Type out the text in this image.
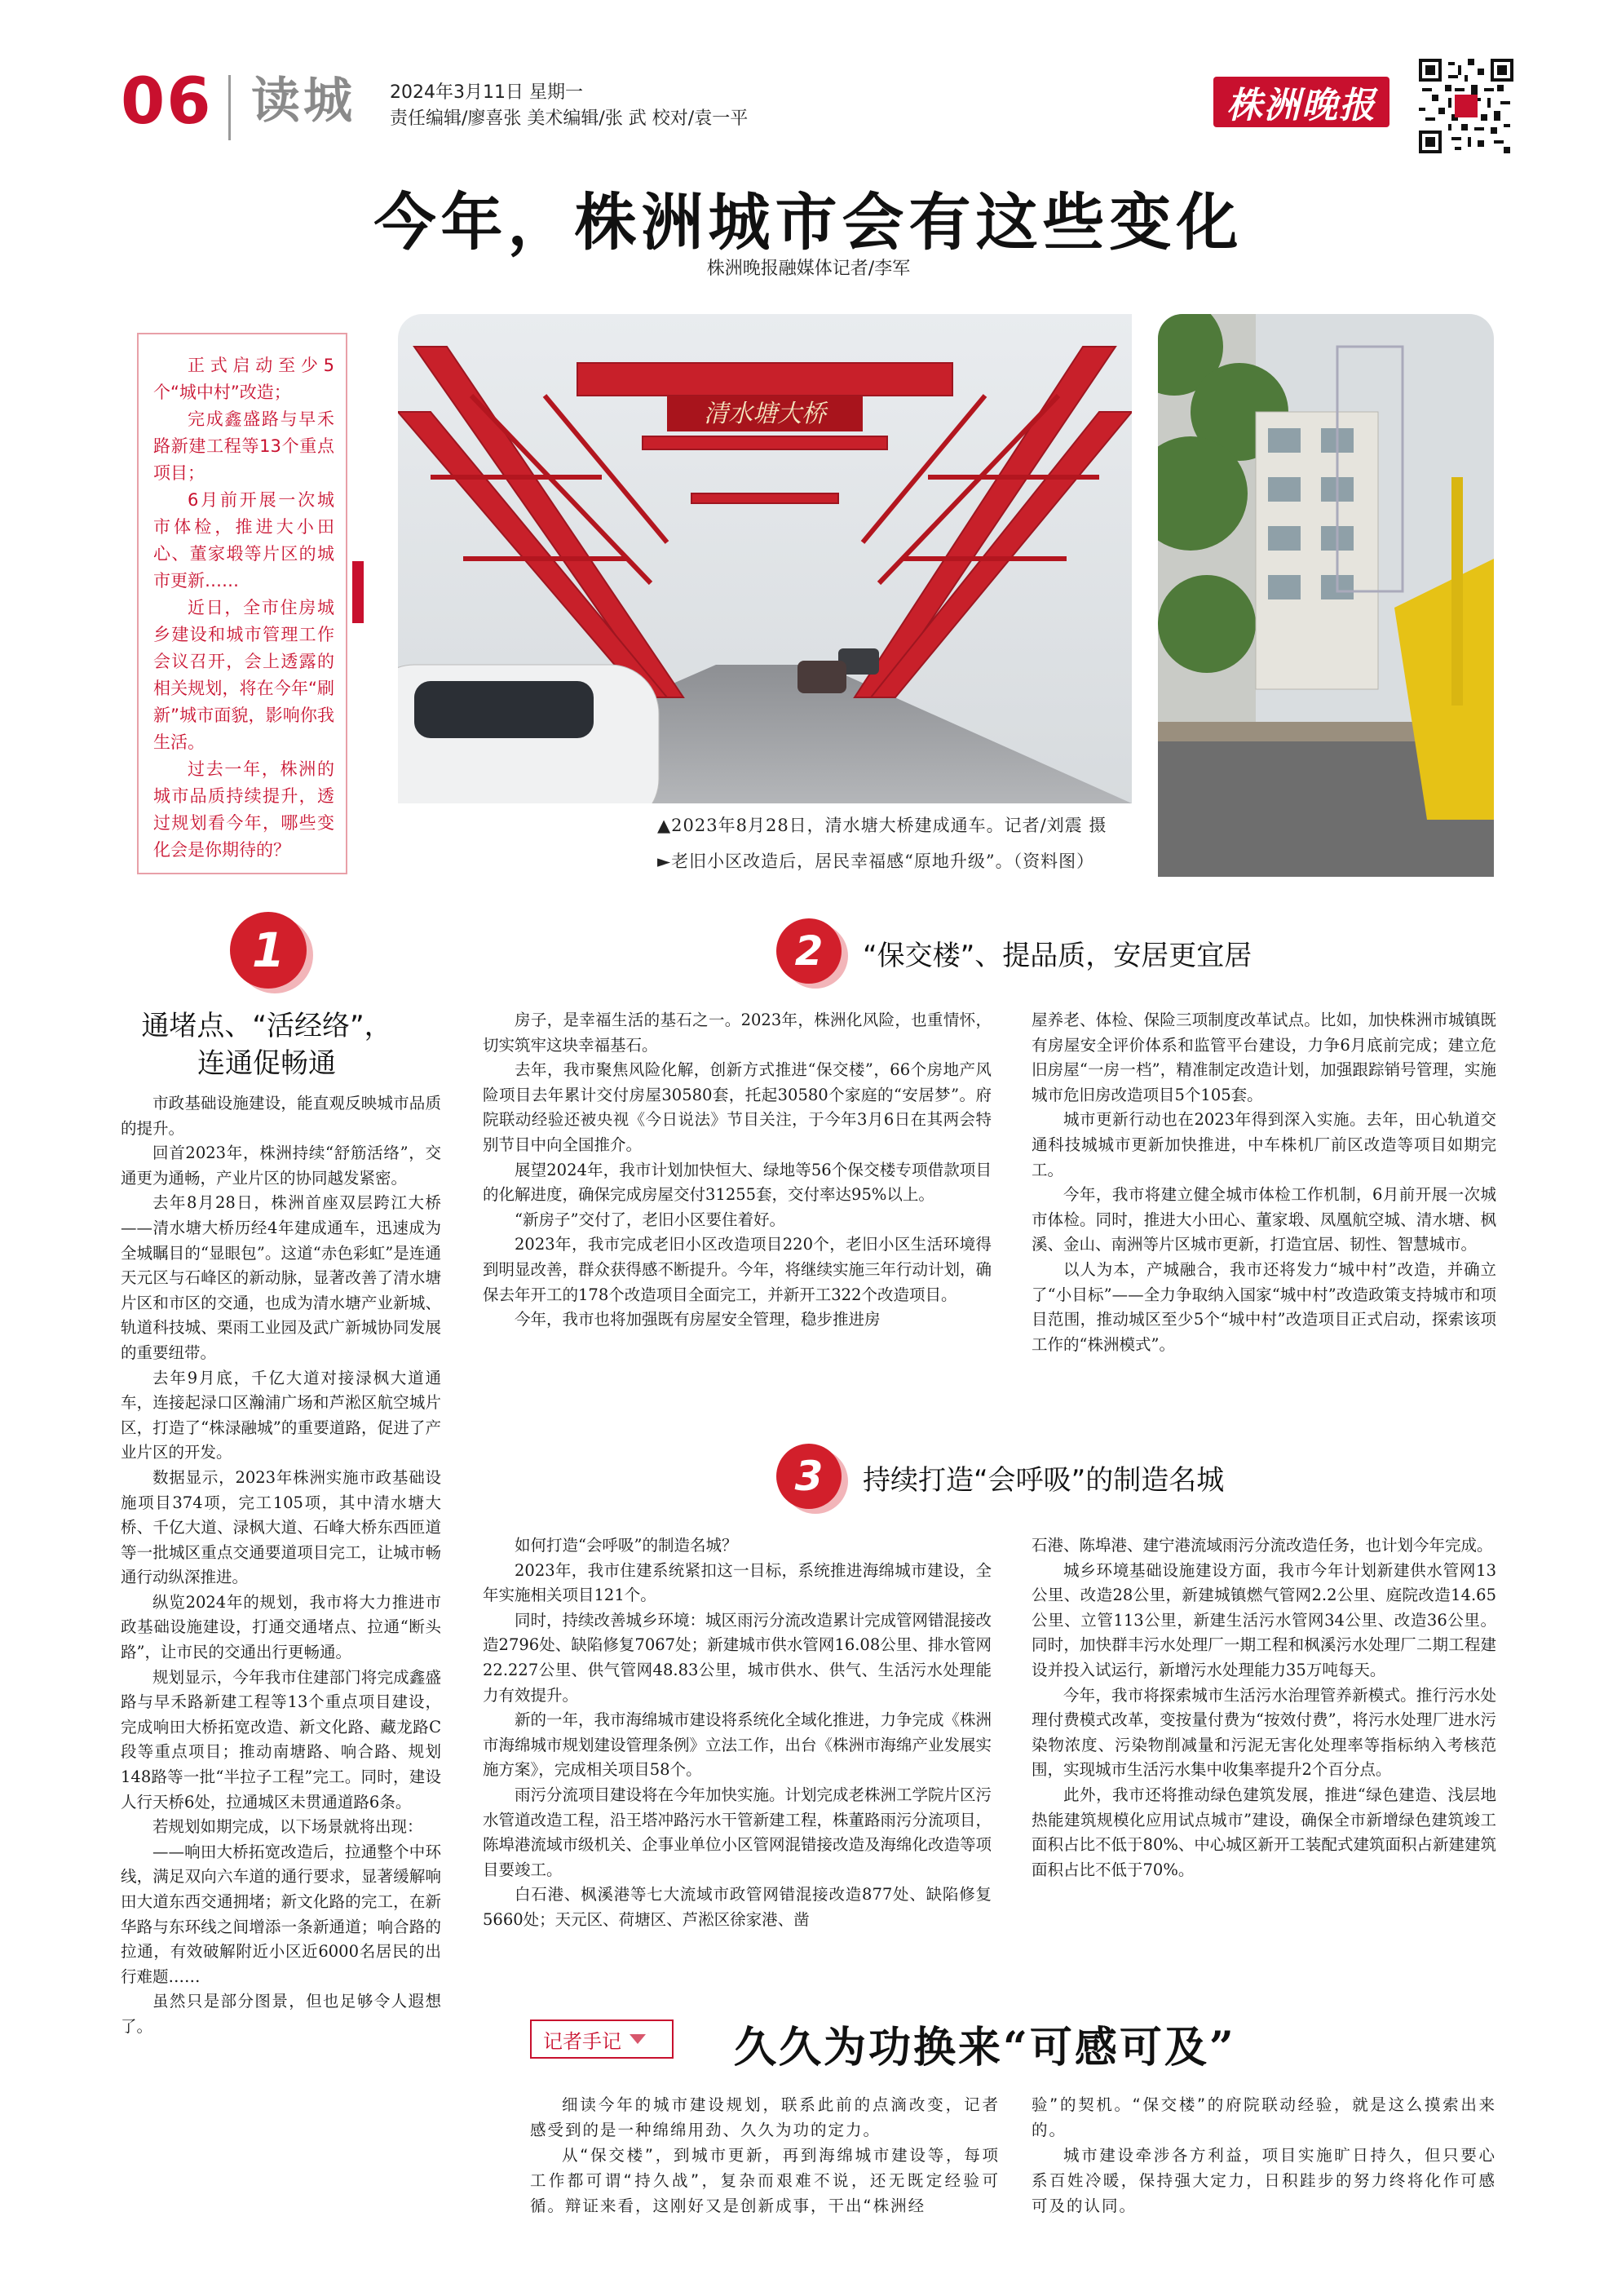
06 读城 2024年3月11日 星期一
责任编辑/廖喜张 美术编辑/张 武 校对/袁一平	株洲晚报
今年，株洲城市会有这些变化
株洲晚报融媒体记者/李军

正式启动至少5个“城中村”改造；

完成鑫盛路与早禾路新建工程等13个重点项目；

6月前开展一次城市体检，推进大小田心、董家塅等片区的城市更新……

近日，全市住房城乡建设和城市管理工作会议召开，会上透露的相关规划，将在今年“刷新”城市面貌，影响你我生活。

过去一年，株洲的城市品质持续提升，透过规划看今年，哪些变化会是你期待的？

清水塘大桥
▲2023年8月28日，清水塘大桥建成通车。记者/刘震 摄
►老旧小区改造后，居民幸福感“原地升级”。（资料图）
1
通堵点、“活经络”，
连通促畅通

市政基础设施建设，能直观反映城市品质的提升。

回首2023年，株洲持续“舒筋活络”，交通更为通畅，产业片区的协同越发紧密。

去年8月28日，株洲首座双层跨江大桥——清水塘大桥历经4年建成通车，迅速成为全城瞩目的“显眼包”。这道“赤色彩虹”是连通天元区与石峰区的新动脉，显著改善了清水塘片区和市区的交通，也成为清水塘产业新城、轨道科技城、栗雨工业园及武广新城协同发展的重要纽带。

去年9月底，千亿大道对接渌枫大道通车，连接起渌口区瀚浦广场和芦淞区航空城片区，打造了“株渌融城”的重要道路，促进了产业片区的开发。

数据显示，2023年株洲实施市政基础设施项目374项，完工105项，其中清水塘大桥、千亿大道、渌枫大道、石峰大桥东西匝道等一批城区重点交通要道项目完工，让城市畅通行动纵深推进。

纵览2024年的规划，我市将大力推进市政基础设施建设，打通交通堵点、拉通“断头路”，让市民的交通出行更畅通。

规划显示，今年我市住建部门将完成鑫盛路与早禾路新建工程等13个重点项目建设，完成响田大桥拓宽改造、新文化路、藏龙路C段等重点项目；推动南塘路、响合路、规划148路等一批“半拉子工程”完工。同时，建设人行天桥6处，拉通城区未贯通道路6条。

若规划如期完成，以下场景就将出现：

——响田大桥拓宽改造后，拉通整个中环线，满足双向六车道的通行要求，显著缓解响田大道东西交通拥堵；新文化路的完工，在新华路与东环线之间增添一条新通道；响合路的拉通，有效破解附近小区近6000名居民的出行难题……

虽然只是部分图景，但也足够令人遐想了。

2 “保交楼”、提品质，安居更宜居

房子，是幸福生活的基石之一。2023年，株洲化风险，也重情怀，切实筑牢这块幸福基石。

去年，我市聚焦风险化解，创新方式推进“保交楼”，66个房地产风险项目去年累计交付房屋30580套，托起30580个家庭的“安居梦”。府院联动经验还被央视《今日说法》节目关注，于今年3月6日在其两会特别节目中向全国推介。

展望2024年，我市计划加快恒大、绿地等56个保交楼专项借款项目的化解进度，确保完成房屋交付31255套，交付率达95%以上。

“新房子”交付了，老旧小区要住着好。

2023年，我市完成老旧小区改造项目220个，老旧小区生活环境得到明显改善，群众获得感不断提升。今年，将继续实施三年行动计划，确保去年开工的178个改造项目全面完工，并新开工322个改造项目。

今年，我市也将加强既有房屋安全管理，稳步推进房

屋养老、体检、保险三项制度改革试点。比如，加快株洲市城镇既有房屋安全评价体系和监管平台建设，力争6月底前完成；建立危旧房屋“一房一档”，精准制定改造计划，加强跟踪销号管理，实施城市危旧房改造项目5个105套。

城市更新行动也在2023年得到深入实施。去年，田心轨道交通科技城城市更新加快推进，中车株机厂前区改造等项目如期完工。

今年，我市将建立健全城市体检工作机制，6月前开展一次城市体检。同时，推进大小田心、董家塅、凤凰航空城、清水塘、枫溪、金山、南洲等片区城市更新，打造宜居、韧性、智慧城市。

以人为本，产城融合，我市还将发力“城中村”改造，并确立了“小目标”——全力争取纳入国家“城中村”改造政策支持城市和项目范围，推动城区至少5个“城中村”改造项目正式启动，探索该项工作的“株洲模式”。

3 持续打造“会呼吸”的制造名城

如何打造“会呼吸”的制造名城？

2023年，我市住建系统紧扣这一目标，系统推进海绵城市建设，全年实施相关项目121个。

同时，持续改善城乡环境：城区雨污分流改造累计完成管网错混接改造2796处、缺陷修复7067处；新建城市供水管网16.08公里、排水管网22.227公里、供气管网48.83公里，城市供水、供气、生活污水处理能力有效提升。

新的一年，我市海绵城市建设将系统化全域化推进，力争完成《株洲市海绵城市规划建设管理条例》立法工作，出台《株洲市海绵产业发展实施方案》，完成相关项目58个。

雨污分流项目建设将在今年加快实施。计划完成老株洲工学院片区污水管道改造工程，沿王塔冲路污水干管新建工程，株董路雨污分流项目，陈埠港流域市级机关、企事业单位小区管网混错接改造及海绵化改造等项目要竣工。

白石港、枫溪港等七大流域市政管网错混接改造877处、缺陷修复5660处；天元区、荷塘区、芦淞区徐家港、凿

石港、陈埠港、建宁港流域雨污分流改造任务，也计划今年完成。

城乡环境基础设施建设方面，我市今年计划新建供水管网13公里、改造28公里，新建城镇燃气管网2.2公里、庭院改造14.65公里、立管113公里，新建生活污水管网34公里、改造36公里。同时，加快群丰污水处理厂一期工程和枫溪污水处理厂二期工程建设并投入试运行，新增污水处理能力35万吨每天。

今年，我市将探索城市生活污水治理管养新模式。推行污水处理付费模式改革，变按量付费为“按效付费”，将污水处理厂进水污染物浓度、污染物削减量和污泥无害化处理率等指标纳入考核范围，实现城市生活污水集中收集率提升2个百分点。

此外，我市还将推动绿色建筑发展，推进“绿色建造、浅层地热能建筑规模化应用试点城市”建设，确保全市新增绿色建筑竣工面积占比不低于80%、中心城区新开工装配式建筑面积占新建建筑面积占比不低于70%。

记者手记	久久为功换来“可感可及”

细读今年的城市建设规划，联系此前的点滴改变，记者感受到的是一种绵绵用劲、久久为功的定力。

从“保交楼”，到城市更新，再到海绵城市建设等，每项工作都可谓“持久战”，复杂而艰难不说，还无既定经验可循。辩证来看，这刚好又是创新成事，干出“株洲经

验”的契机。“保交楼”的府院联动经验，就是这么摸索出来的。

城市建设牵涉各方利益，项目实施旷日持久，但只要心系百姓冷暖，保持强大定力，日积跬步的努力终将化作可感可及的认同。
